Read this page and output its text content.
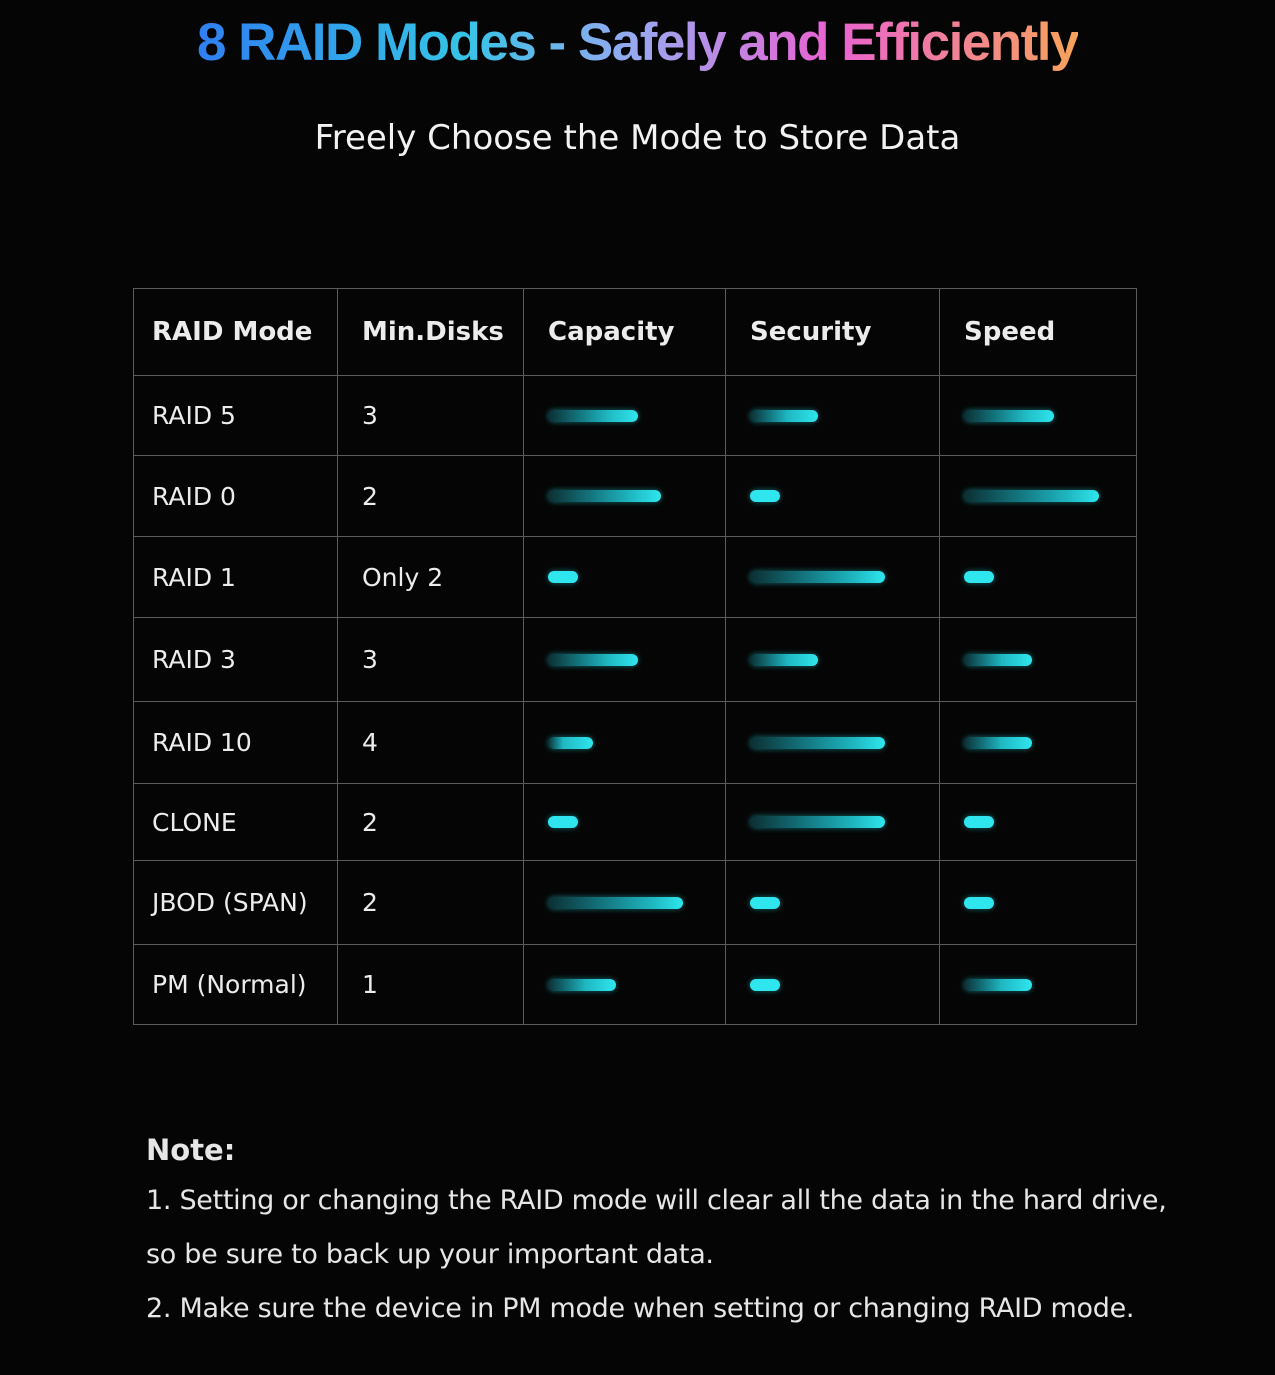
8 RAID Modes - Safely and Efficiently

Freely Choose the Mode to Store Data

RAID Mode	Min.Disks	Capacity	Security	Speed
RAID 5	3	

RAID 0	2	

RAID 1	Only 2	

RAID 3	3	

RAID 10	4	

CLONE	2	

JBOD (SPAN)	2	

PM (Normal)	1	

Note:

1. Setting or changing the RAID mode will clear all the data in the hard drive,

so be sure to back up your important data.

2. Make sure the device in PM mode when setting or changing RAID mode.
